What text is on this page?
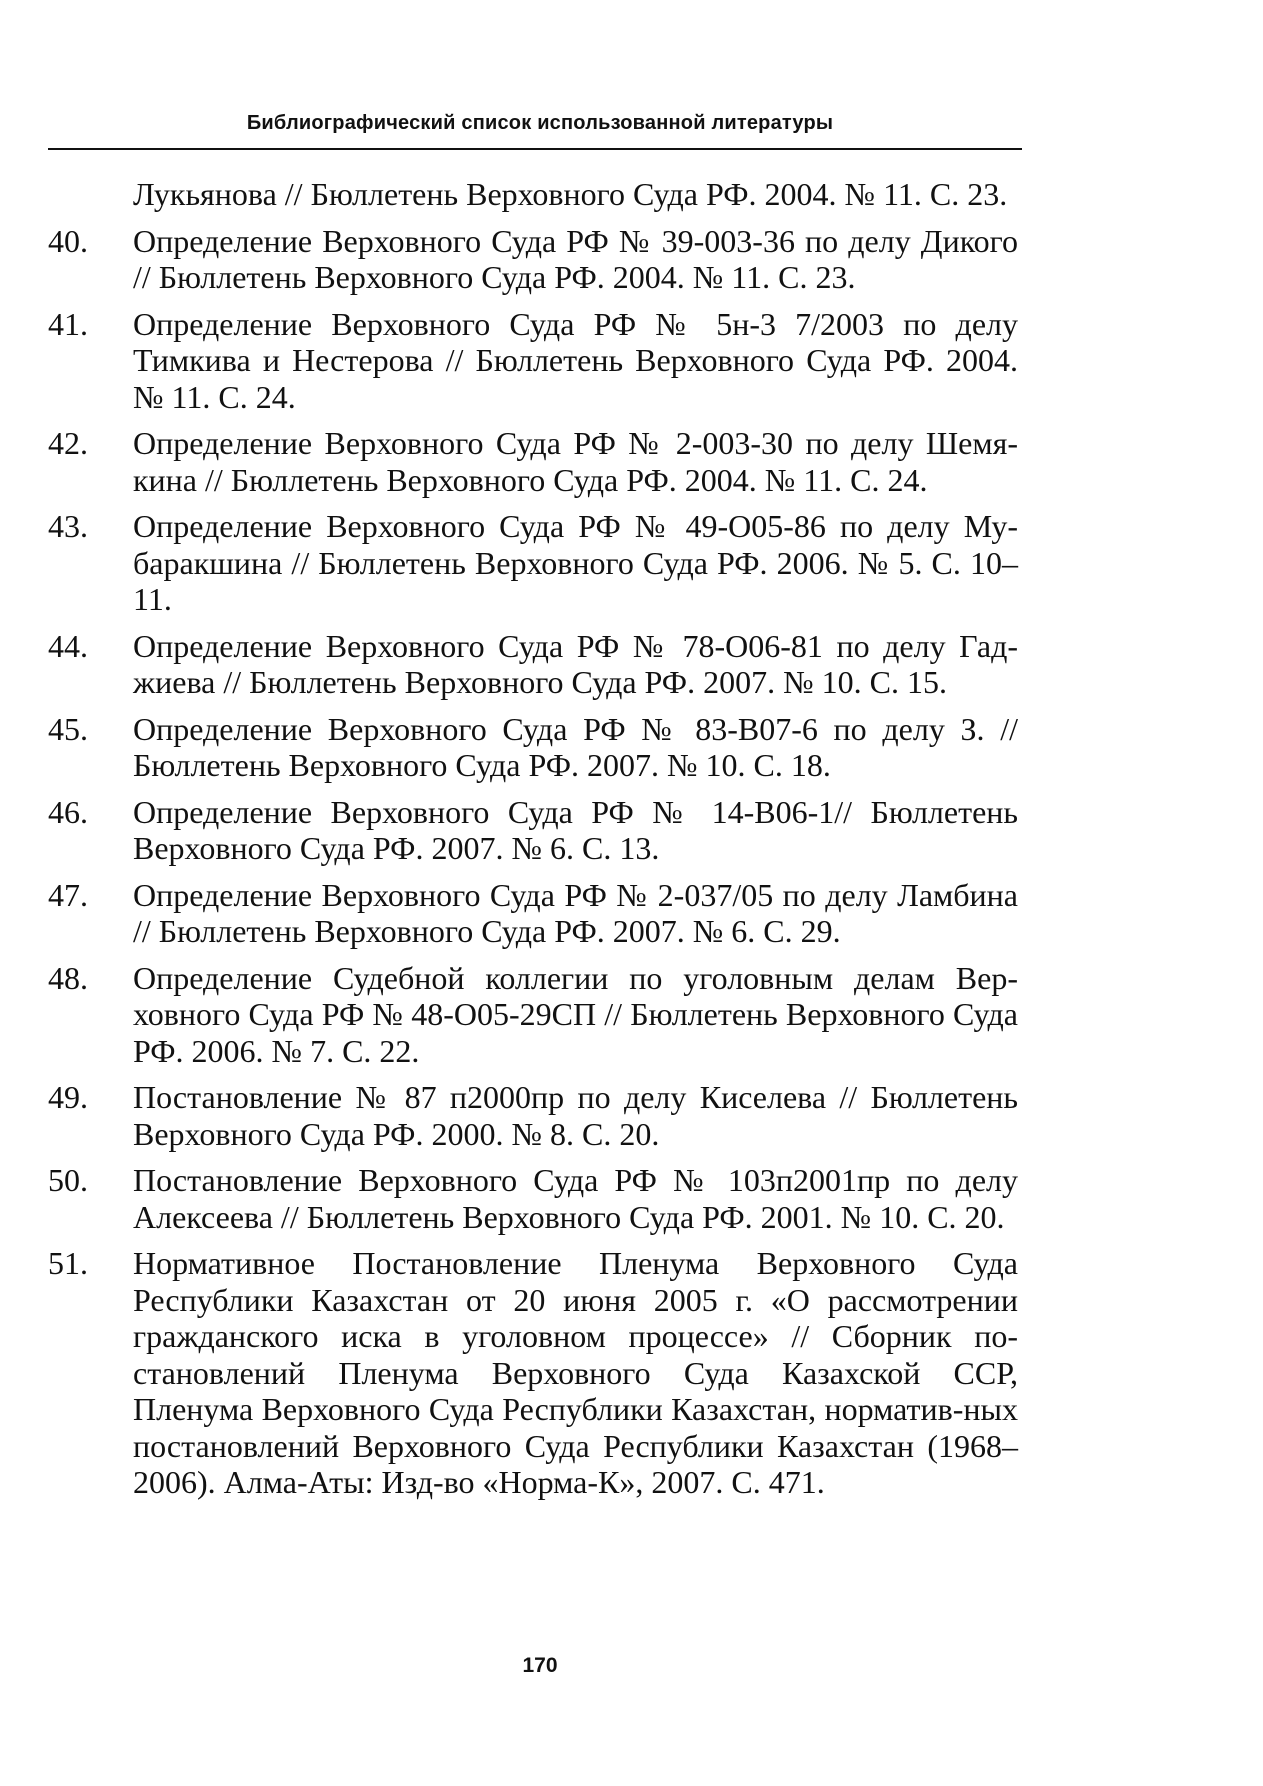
Библиографический список использованной литературы
Лукьянова // Бюллетень Верховного Суда РФ. 2004. № 11. С. 23.
40. Определение Верховного Суда РФ № 39-003-36 по делу Дикого // Бюллетень Верховного Суда РФ. 2004. № 11. С. 23.
41. Определение Верховного Суда РФ № 5н-3 7/2003 по делу Тимкива и Нестерова // Бюллетень Верховного Суда РФ. 2004. № 11. С. 24.
42. Определение Верховного Суда РФ № 2-003-30 по делу Шемя-кина // Бюллетень Верховного Суда РФ. 2004. № 11. С. 24.
43. Определение Верховного Суда РФ № 49-О05-86 по делу Му-баракшина // Бюллетень Верховного Суда РФ. 2006. № 5. С. 10–11.
44. Определение Верховного Суда РФ № 78-О06-81 по делу Гад-жиева // Бюллетень Верховного Суда РФ. 2007. № 10. С. 15.
45. Определение Верховного Суда РФ № 83-В07-6 по делу З. // Бюллетень Верховного Суда РФ. 2007. № 10. С. 18.
46. Определение Верховного Суда РФ № 14-В06-1// Бюллетень Верховного Суда РФ. 2007. № 6. С. 13.
47. Определение Верховного Суда РФ № 2-037/05 по делу Ламбина // Бюллетень Верховного Суда РФ. 2007. № 6. С. 29.
48. Определение Судебной коллегии по уголовным делам Вер-ховного Суда РФ № 48-О05-29СП // Бюллетень Верховного Суда РФ. 2006. № 7. С. 22.
49. Постановление № 87 п2000пр по делу Киселева // Бюллетень Верховного Суда РФ. 2000. № 8. С. 20.
50. Постановление Верховного Суда РФ № 103п2001пр по делу Алексеева // Бюллетень Верховного Суда РФ. 2001. № 10. С. 20.
51. Нормативное Постановление Пленума Верховного Суда Республики Казахстан от 20 июня 2005 г. «О рассмотрении гражданского иска в уголовном процессе» // Сборник по-становлений Пленума Верховного Суда Казахской ССР, Пленума Верховного Суда Республики Казахстан, норматив-ных постановлений Верховного Суда Республики Казахстан (1968–2006). Алма-Аты: Изд-во «Норма-К», 2007. С. 471.
170
